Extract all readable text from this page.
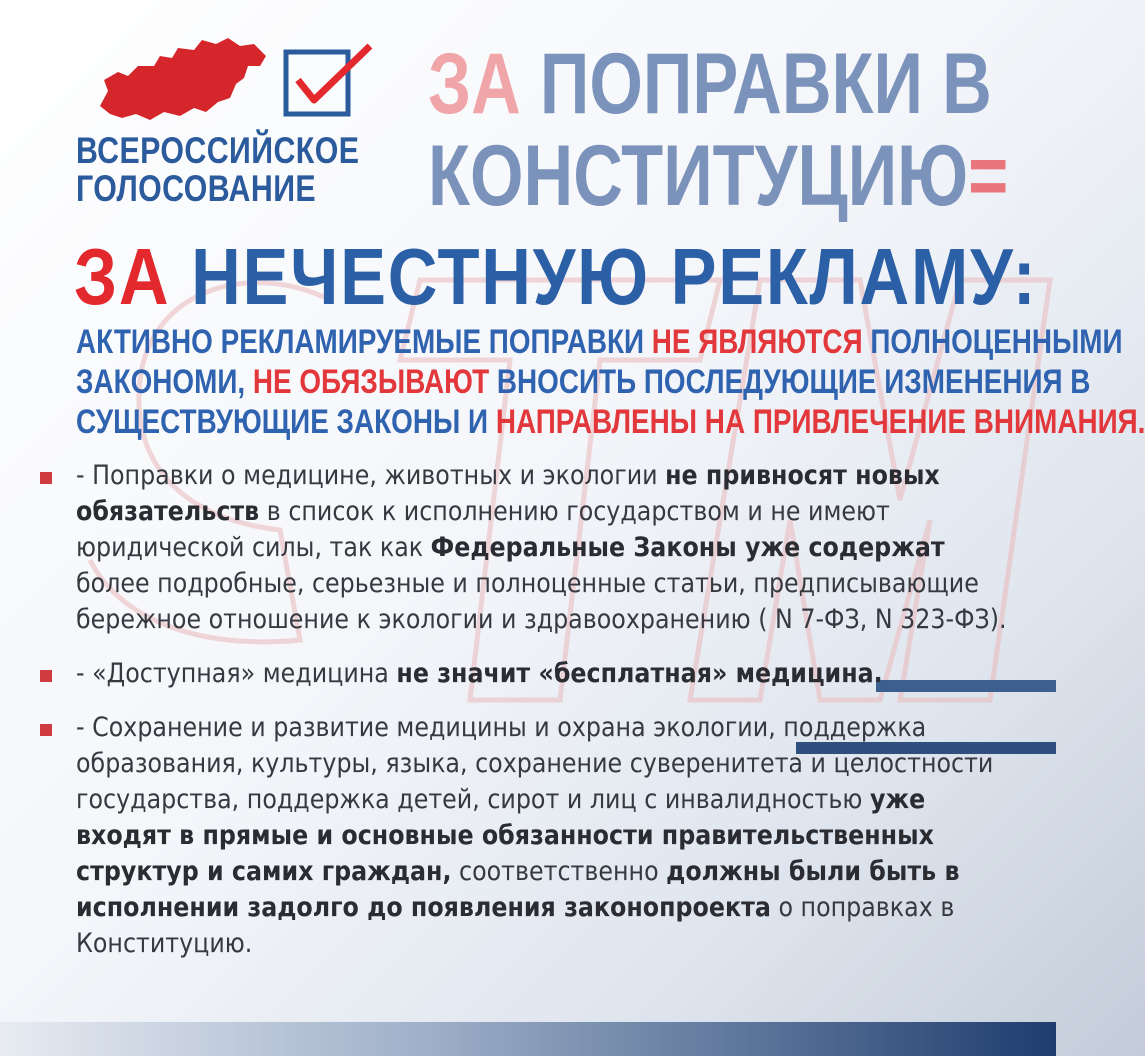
ВСЕРОССИЙСКОЕ
ГОЛОСОВАНИЕ
ЗА ПОПРАВКИ В
КОНСТИТУЦИЮ=
ЗА НЕЧЕСТНУЮ РЕКЛАМУ:
АКТИВНО РЕКЛАМИРУЕМЫЕ ПОПРАВКИ НЕ ЯВЛЯЮТСЯ ПОЛНОЦЕННЫМИ
ЗАКОНОМИ, НЕ ОБЯЗЫВАЮТ ВНОСИТЬ ПОСЛЕДУЮЩИЕ ИЗМЕНЕНИЯ В
СУЩЕСТВУЮЩИЕ ЗАКОНЫ И НАПРАВЛЕНЫ НА ПРИВЛЕЧЕНИЕ ВНИМАНИЯ.
- Поправки о медицине, животных и экологии не привносят новых обязательств в список к исполнению государством и не имеют юридической силы, так как Федеральные Законы уже содержат более подробные, серьезные и полноценные статьи, предписывающие бережное отношение к экологии и здравоохранению ( N 7-ФЗ, N 323-ФЗ).
- «Доступная» медицина не значит «бесплатная» медицина.
- Сохранение и развитие медицины и охрана экологии, поддержка образования, культуры, языка, сохранение суверенитета и целостности государства, поддержка детей, сирот и лиц с инвалидностью уже входят в прямые и основные обязанности правительственных структур и самих граждан, соответственно должны были быть в исполнении задолго до появления законопроекта о поправках в Конституцию.
